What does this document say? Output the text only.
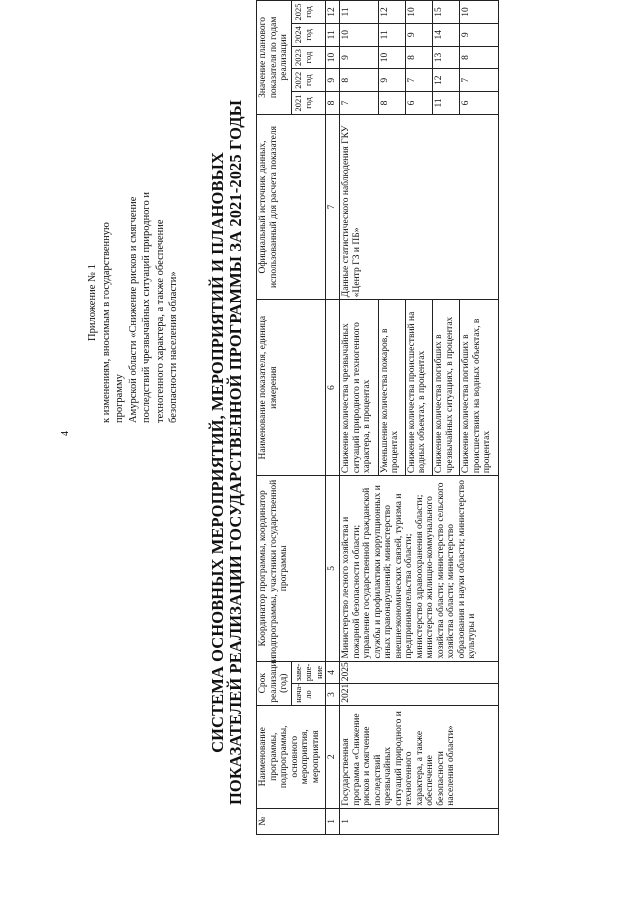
4
Приложение № 1 к изменениям, вносимым в государственную программу Амурской области «Снижение рисков и смягчение последствий чрезвычайных ситуаций природного и техногенного характера, а также обеспечение безопасности населения области» СИСТЕМА ОСНОВНЫХ МЕРОПРИЯТИЙ, МЕРОПРИЯТИЙ И ПЛАНОВЫХ ПОКАЗАТЕЛЕЙ РЕАЛИЗАЦИИ ГОСУДАРСТВЕННОЙ ПРОГРАММЫ ЗА 2021-2025 ГОДЫ
№	Наименование программы, подпрограммы, основного мероприятия, мероприятия	Срок реализации (год)		Координатор программы, координатор подпрограммы, участники государственной программы	Наименование показателя, единица измерения	Официальный источник данных, использованный для расчета показателя	Значение планового показателя по годам реализации				
		нача- ло	заве- рше- ние				2021 год	2022 год	2023 год	2024 год	2025 год
1	2	3	4	5	6	7	8	9	10	11	12
1	Государственная программа «Снижение рисков и смягчение последствий чрезвычайных ситуаций природного и техногенного характера, а также обеспечение безопасности населения области»	2021	2025	Министерство лесного хозяйства и пожарной безопасности области; управление государственной гражданской службы и профилактики коррупционных и иных правонарушений; министерство внешнеэкономических связей, туризма и предпринимательства области; министерство здравоохранения области; министерство жилищно-коммунального хозяйства области; министерство сельского хозяйства области; министерство образования и науки области; министерство культуры и	Снижение количества чрезвычайных ситуаций природного и техногенного характера, в процентах	Данные статистического наблюдения ГКУ «Центр ГЗ и ПБ»	7	8	9	10	11
					Уменьшение количества пожаров, в процентах		8	9	10	11	12
					Снижение количества происшествий на водных объектах, в процентах		6	7	8	9	10
					Снижение количества погибших в чрезвычайных ситуациях, в процентах		11	12	13	14	15
					Снижение количества погибших в происшествиях на водных объектах, в процентах		6	7	8	9	10
